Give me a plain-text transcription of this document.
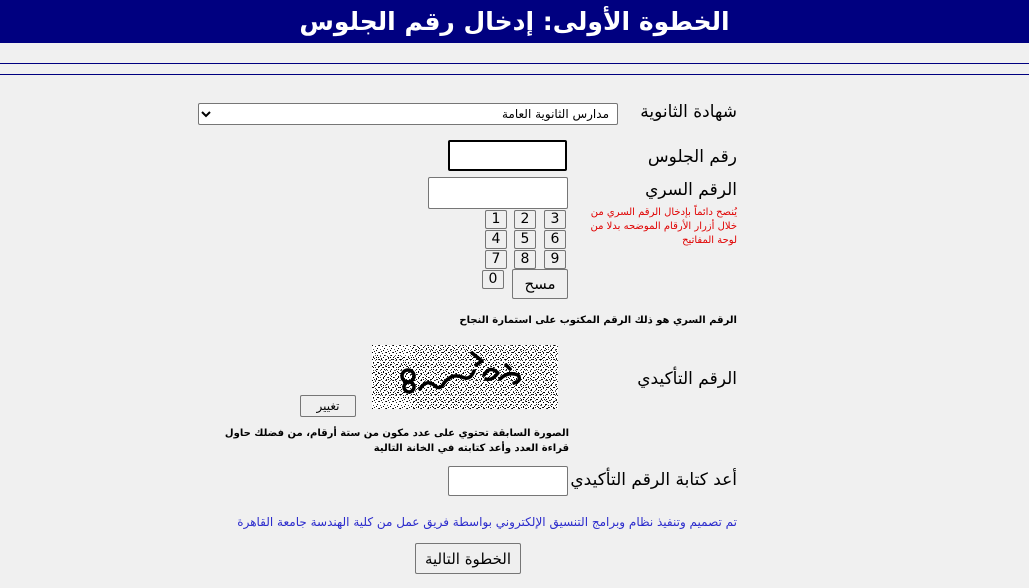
الخطوة الأولى: إدخال رقم الجلوس
شهادة الثانوية
مدارس الثانوية العامة
رقم الجلوس
الرقم السري
يُنصح دائماً بإدخال الرقم السري من خلال أزرار الأرقام الموضحه بدلا من لوحة المفاتيح
1	2	3
4	5	6
7	8	9
0	مسح
الرقم السري هو ذلك الرقم المكتوب على استمارة النجاح
الرقم التأكيدي
تغيير
الصورة السابقة تحتوي على عدد مكون من ستة أرقام، من فضلك حاول قراءة العدد وأعد كتابته في الخانة التالية
أعد كتابة الرقم التأكيدي
تم تصميم وتنفيذ نظام وبرامج التنسيق الإلكتروني بواسطة فريق عمل من كلية الهندسة جامعة القاهرة
الخطوة التالية
